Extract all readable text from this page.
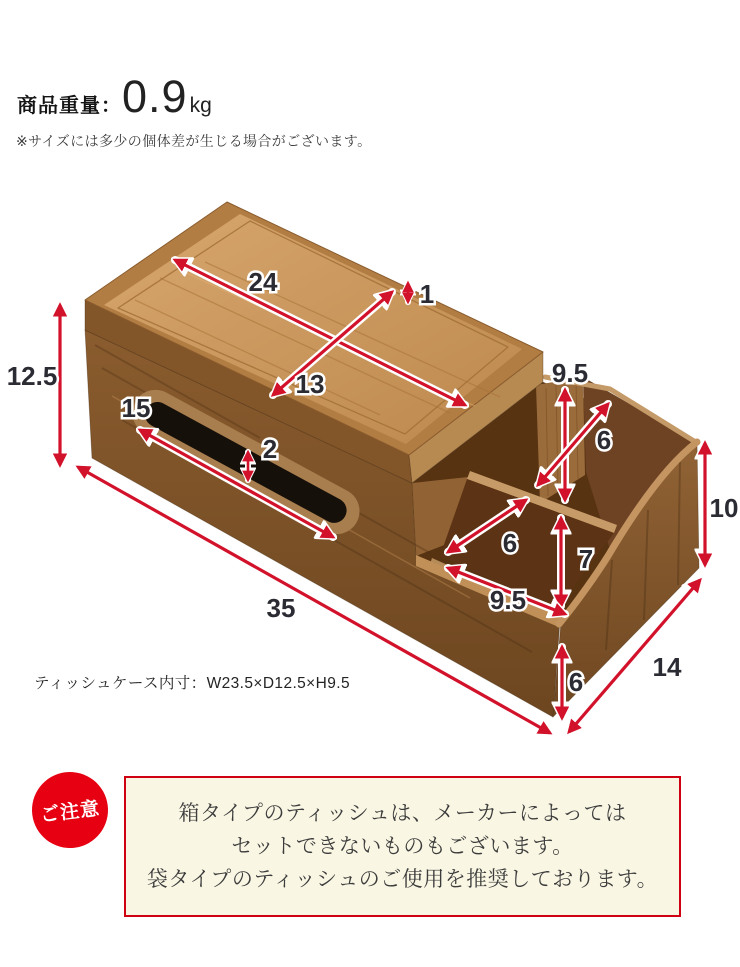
商品重量： 0.9 kg
※サイズには多少の個体差が生じる場合がございます。
24
13
1
12.5
15
2
35
9.5
6
10
6
7
9.5
14
6
ティッシュケース内寸：W23.5×D12.5×H9.5

箱タイプのティッシュは、メーカーによっては

セットできないものもございます。

袋タイプのティッシュのご使用を推奨しております。

ご注意
